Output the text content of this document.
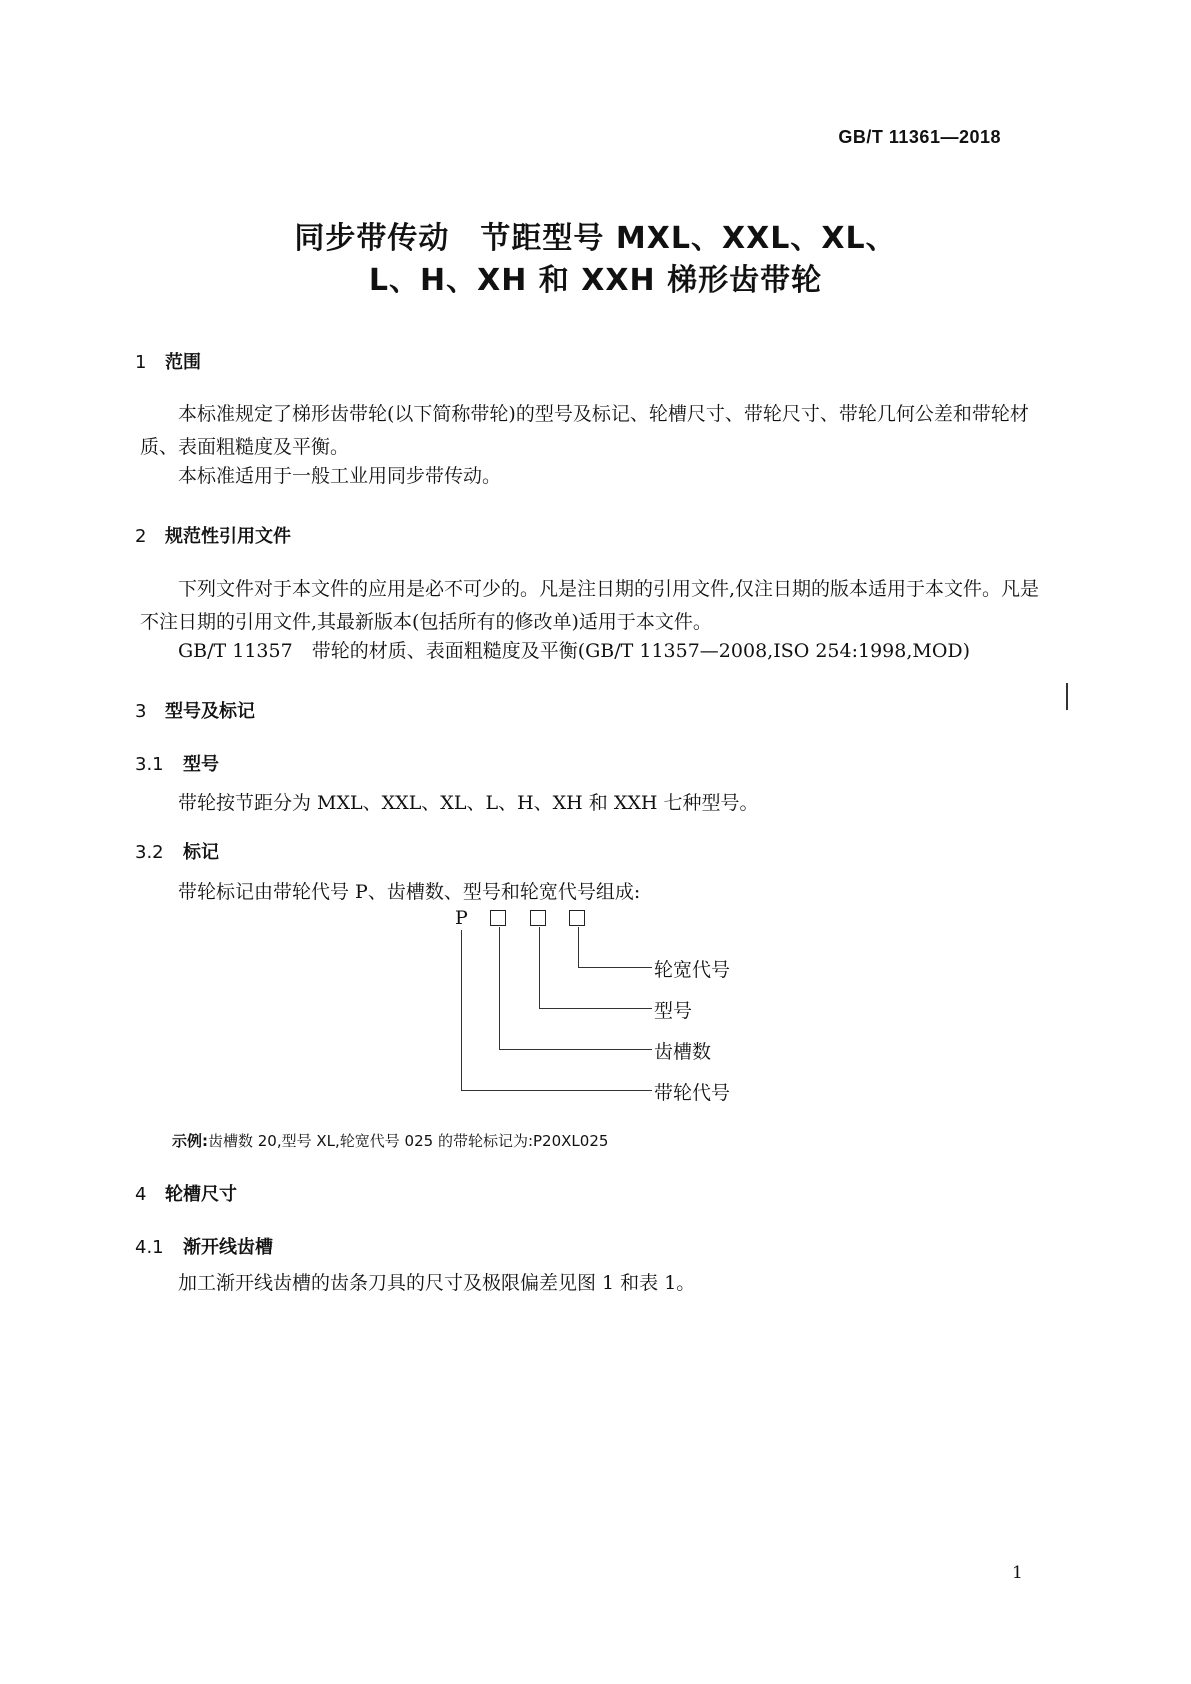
GB/T 11361—2018
同步带传动　节距型号 MXL、XXL、XL、
L、H、XH 和 XXH 梯形齿带轮
1 范围
本标准规定了梯形齿带轮(以下简称带轮)的型号及标记、轮槽尺寸、带轮尺寸、带轮几何公差和带轮材质、表面粗糙度及平衡。
本标准适用于一般工业用同步带传动。
2 规范性引用文件
下列文件对于本文件的应用是必不可少的。凡是注日期的引用文件,仅注日期的版本适用于本文件。凡是不注日期的引用文件,其最新版本(包括所有的修改单)适用于本文件。
GB/T 11357　带轮的材质、表面粗糙度及平衡(GB/T 11357—2008,ISO 254:1998,MOD)
3 型号及标记
3.1 型号
带轮按节距分为 MXL、XXL、XL、L、H、XH 和 XXH 七种型号。
3.2 标记
带轮标记由带轮代号 P、齿槽数、型号和轮宽代号组成:
P
轮宽代号
型号
齿槽数
带轮代号
示例:齿槽数 20,型号 XL,轮宽代号 025 的带轮标记为:P20XL025
4 轮槽尺寸
4.1 渐开线齿槽
加工渐开线齿槽的齿条刀具的尺寸及极限偏差见图 1 和表 1。
1
